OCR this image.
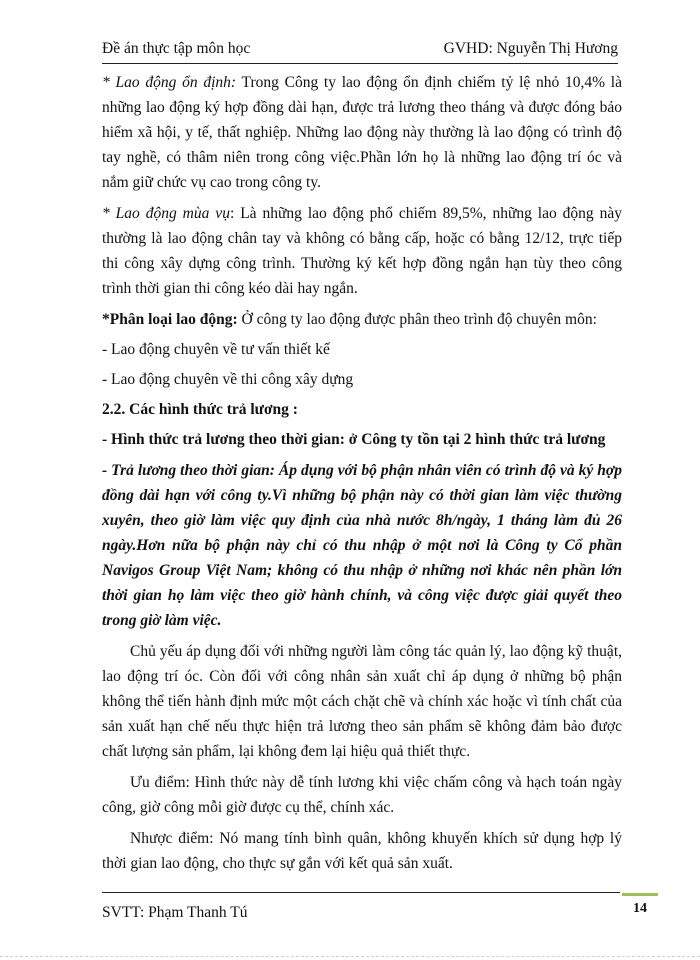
Đề án thực tập môn học	GVHD: Nguyễn Thị Hương

* Lao động ổn định: Trong Công ty lao động ổn định chiếm tỷ lệ nhỏ 10,4% là những lao động ký hợp đồng dài hạn, được trả lương theo tháng và được đóng bảo hiểm xã hội, y tế, thất nghiệp. Những lao động này thường là lao động có trình độ tay nghề, có thâm niên trong công việc.Phần lớn họ là những lao động trí óc và nắm giữ chức vụ cao trong công ty.

* Lao động mùa vụ: Là những lao động phổ chiếm 89,5%, những lao động này thường là lao động chân tay và không có bằng cấp, hoặc có bằng 12/12, trực tiếp thi công xây dựng công trình. Thường ký kết hợp đồng ngắn hạn tùy theo công trình thời gian thi công kéo dài hay ngắn.

*Phân loại lao động: Ở công ty lao động được phân theo trình độ chuyên môn:

- Lao động chuyên về tư vấn thiết kế

- Lao động chuyên về thi công xây dựng

2.2. Các hình thức trả lương :

- Hình thức trả lương theo thời gian: ở Công ty tồn tại 2 hình thức trả lương

- Trả lương theo thời gian: Áp dụng với bộ phận nhân viên có trình độ và ký hợp đồng dài hạn với công ty.Vì những bộ phận này có thời gian làm việc thường xuyên, theo giờ làm việc quy định của nhà nước 8h/ngày, 1 tháng làm đủ 26 ngày.Hơn nữa bộ phận này chỉ có thu nhập ở một nơi là Công ty Cổ phần Navigos Group Việt Nam; không có thu nhập ở những nơi khác nên phần lớn thời gian họ làm việc theo giờ hành chính, và công việc được giải quyết theo trong giờ làm việc.

Chủ yếu áp dụng đối với những người làm công tác quản lý, lao động kỹ thuật, lao động trí óc. Còn đối với công nhân sản xuất chỉ áp dụng ở những bộ phận không thể tiến hành định mức một cách chặt chẽ và chính xác hoặc vì tính chất của sản xuất hạn chế nếu thực hiện trả lương theo sản phẩm sẽ không đảm bảo được chất lượng sản phẩm, lại không đem lại hiệu quả thiết thực.

Ưu điểm: Hình thức này dễ tính lương khi việc chấm công và hạch toán ngày công, giờ công mỗi giờ được cụ thể, chính xác.

Nhược điểm: Nó mang tính bình quân, không khuyến khích sử dụng hợp lý thời gian lao động, cho thực sự gắn với kết quả sản xuất.

SVTT: Phạm Thanh Tú	14
